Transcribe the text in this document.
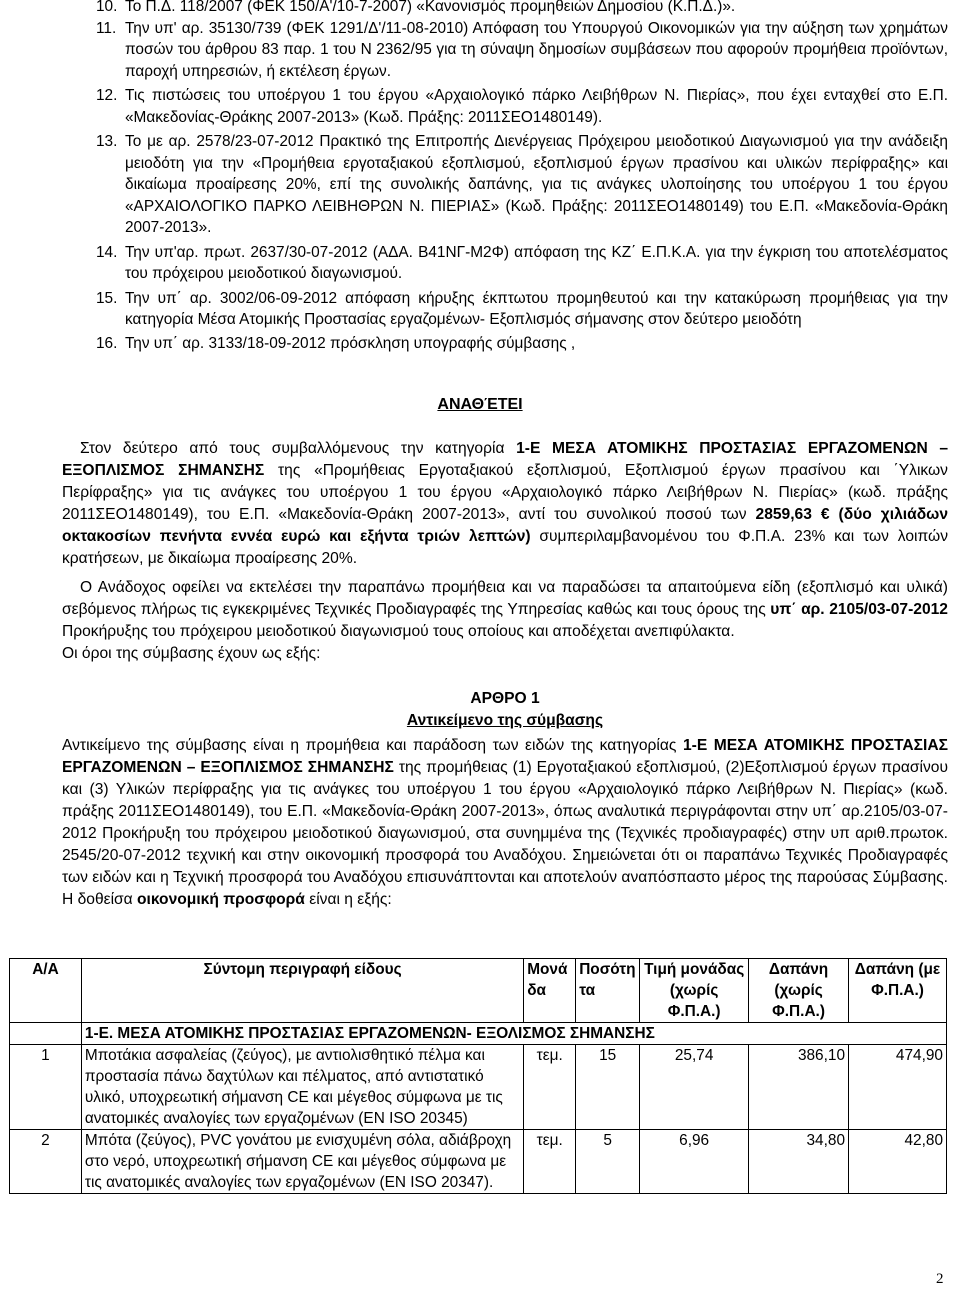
10. Το Π.Δ. 118/2007 (ΦΕΚ 150/Α'/10-7-2007) «Κανονισμός προμηθειών Δημοσίου (Κ.Π.Δ.)».
11. Την υπ' αρ. 35130/739 (ΦΕΚ 1291/Δ'/11-08-2010) Απόφαση του Υπουργού Οικονομικών για την αύξηση των χρημάτων ποσών του άρθρου 83 παρ. 1 του Ν 2362/95 για τη σύναψη δημοσίων συμβάσεων που αφορούν προμήθεια προϊόντων, παροχή υπηρεσιών, ή εκτέλεση έργων.
12. Τις πιστώσεις του υποέργου 1 του έργου «Αρχαιολογικό πάρκο Λειβήθρων Ν. Πιερίας», που έχει ενταχθεί στο Ε.Π. «Μακεδονίας-Θράκης 2007-2013» (Κωδ. Πράξης: 2011ΣΕΟ1480149).
13. Το με αρ. 2578/23-07-2012 Πρακτικό της Επιτροπής Διενέργειας Πρόχειρου μειοδοτικού Διαγωνισμού για την ανάδειξη μειοδότη για την «Προμήθεια εργοταξιακού εξοπλισμού, εξοπλισμού έργων πρασίνου και υλικών περίφραξης» και δικαίωμα προαίρεσης 20%, επί της συνολικής δαπάνης, για τις ανάγκες υλοποίησης του υποέργου 1 του έργου «ΑΡΧΑΙΟΛΟΓΙΚΟ ΠΑΡΚΟ ΛΕΙΒΗΘΡΩΝ Ν. ΠΙΕΡΙΑΣ» (Κωδ. Πράξης: 2011ΣΕΟ1480149) του Ε.Π. «Μακεδονία-Θράκη 2007-2013».
14. Την υπ'αρ. πρωτ. 2637/30-07-2012 (ΑΔΑ. Β41ΝΓ-Μ2Φ) απόφαση της ΚΖ΄ Ε.Π.Κ.Α. για την έγκριση του αποτελέσματος του πρόχειρου μειοδοτικού διαγωνισμού.
15. Την υπ΄ αρ. 3002/06-09-2012 απόφαση κήρυξης έκπτωτου προμηθευτού και την κατακύρωση προμήθειας για την κατηγορία Μέσα Ατομικής Προστασίας εργαζομένων- Εξοπλισμός σήμανσης στον δεύτερο μειοδότη
16. Την υπ΄ αρ. 3133/18-09-2012 πρόσκληση υπογραφής σύμβασης ,
ΑΝΑΘΈΤΕΙ

Στον δεύτερο από τους συμβαλλόμενους την κατηγορία 1-Ε ΜΕΣΑ ΑΤΟΜΙΚΗΣ ΠΡΟΣΤΑΣΙΑΣ ΕΡΓΑΖΟΜΕΝΩΝ – ΕΞΟΠΛΙΣΜΟΣ ΣΗΜΑΝΣΗΣ της «Προμήθειας Εργοταξιακού εξοπλισμού, Εξοπλισμού έργων πρασίνου και ΄Υλικων Περίφραξης» για τις ανάγκες του υποέργου 1 του έργου «Αρχαιολογικό πάρκο Λειβήθρων Ν. Πιερίας» (κωδ. πράξης 2011ΣΕΟ1480149), του Ε.Π. «Μακεδονία-Θράκη 2007-2013», αντί του συνολικού ποσού των 2859,63 € (δύο χιλιάδων οκτακοσίων πενήντα εννέα ευρώ και εξήντα τριών λεπτών) συμπεριλαμβανομένου του Φ.Π.Α. 23% και των λοιπών κρατήσεων, με δικαίωμα προαίρεσης 20%.

Ο Ανάδοχος οφείλει να εκτελέσει την παραπάνω προμήθεια και να παραδώσει τα απαιτούμενα είδη (εξοπλισμό και υλικά) σεβόμενος πλήρως τις εγκεκριμένες Τεχνικές Προδιαγραφές της Υπηρεσίας καθώς και τους όρους της υπ΄ αρ. 2105/03-07-2012 Προκήρυξης του πρόχειρου μειοδοτικού διαγωνισμού τους οποίους και αποδέχεται ανεπιφύλακτα.

Οι όροι της σύμβασης έχουν ως εξής:

ΑΡΘΡΟ 1
Αντικείμενο της σύμβασης

Αντικείμενο της σύμβασης είναι η προμήθεια και παράδοση των ειδών της κατηγορίας 1-Ε ΜΕΣΑ ΑΤΟΜΙΚΗΣ ΠΡΟΣΤΑΣΙΑΣ ΕΡΓΑΖΟΜΕΝΩΝ – ΕΞΟΠΛΙΣΜΟΣ ΣΗΜΑΝΣΗΣ της προμήθειας (1) Εργοταξιακού εξοπλισμού, (2)Εξοπλισμού έργων πρασίνου και (3) Υλικών περίφραξης για τις ανάγκες του υποέργου 1 του έργου «Αρχαιολογικό πάρκο Λειβήθρων Ν. Πιερίας» (κωδ. πράξης 2011ΣΕΟ1480149), του Ε.Π. «Μακεδονία-Θράκη 2007-2013», όπως αναλυτικά περιγράφονται στην υπ΄ αρ.2105/03-07-2012 Προκήρυξη του πρόχειρου μειοδοτικού διαγωνισμού, στα συνημμένα της (Τεχνικές προδιαγραφές) στην υπ αριθ.πρωτοκ. 2545/20-07-2012 τεχνική και στην οικονομική προσφορά του Αναδόχου. Σημειώνεται ότι οι παραπάνω Τεχνικές Προδιαγραφές των ειδών και η Τεχνική προσφορά του Αναδόχου επισυνάπτονται και αποτελούν αναπόσπαστο μέρος της παρούσας Σύμβασης. Η δοθείσα οικονομική προσφορά είναι η εξής:

Α/Α	Σύντομη περιγραφή είδους	Μονά δα	Ποσότη τα	Τιμή μονάδας (χωρίς Φ.Π.Α.)	Δαπάνη (χωρίς Φ.Π.Α.)	Δαπάνη (με Φ.Π.Α.)
	1-Ε. ΜΕΣΑ ΑΤΟΜΙΚΗΣ ΠΡΟΣΤΑΣΙΑΣ ΕΡΓΑΖΟΜΕΝΩΝ- ΕΞΟΛΙΣΜΟΣ ΣΗΜΑΝΣΗΣ					
1	Μποτάκια ασφαλείας (ζεύγος), με αντιολισθητικό πέλμα και προστασία πάνω δαχτύλων και πέλματος, από αντιστατικό υλικό, υποχρεωτική σήμανση CE και μέγεθος σύμφωνα με τις ανατομικές αναλογίες των εργαζομένων (EN ISO 20345)	τεμ.	15	25,74	386,10	474,90
2	Μπότα (ζεύγος), PVC γονάτου με ενισχυμένη σόλα, αδιάβροχη στο νερό, υποχρεωτική σήμανση CE και μέγεθος σύμφωνα με τις ανατομικές αναλογίες των εργαζομένων (EN ISO 20347).	τεμ.	5	6,96	34,80	42,80
2
